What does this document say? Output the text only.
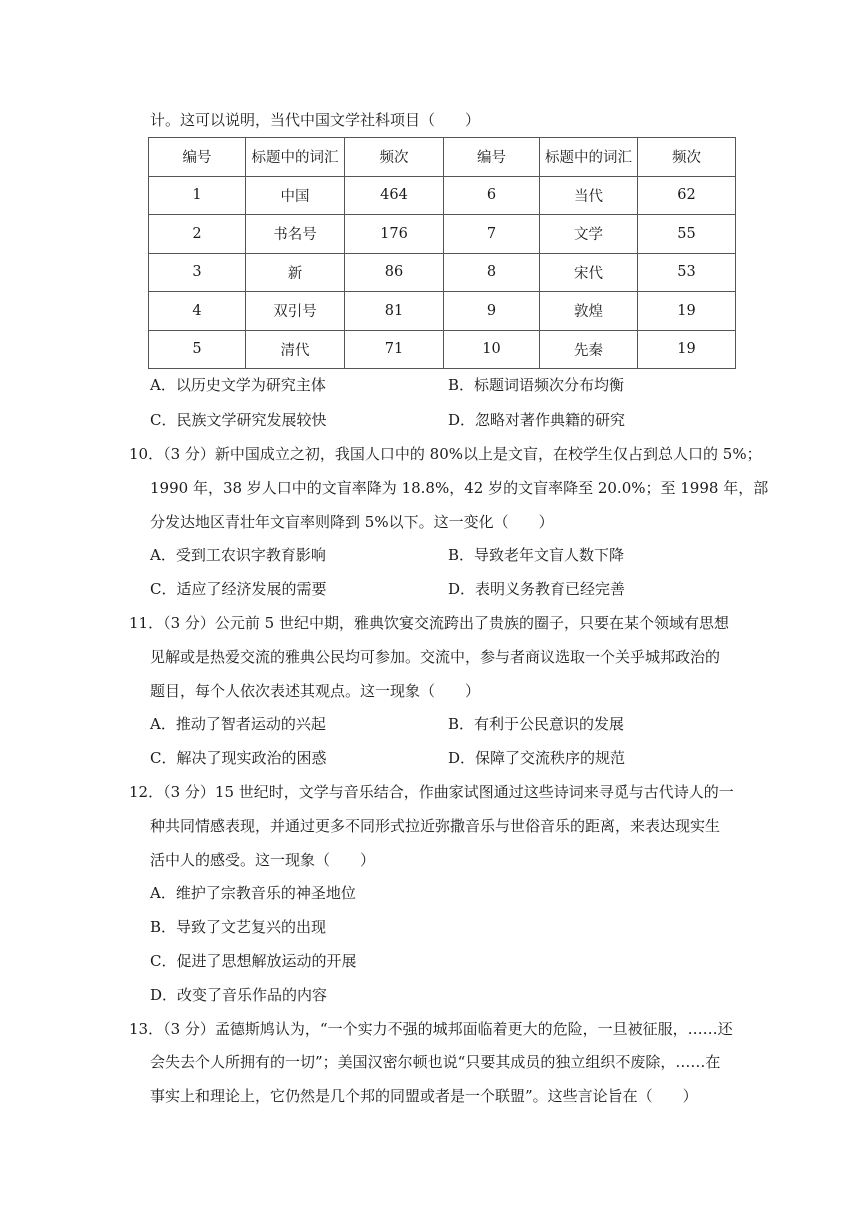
计。这可以说明，当代中国文学社科项目（　　）
编号	标题中的词汇	频次	编号	标题中的词汇	频次
1	中国	464	6	当代	62
2	书名号	176	7	文学	55
3	新	86	8	宋代	53
4	双引号	81	9	敦煌	19
5	清代	71	10	先秦	19
A．以历史文学为研究主体	B．标题词语频次分布均衡
C．民族文学研究发展较快	D．忽略对著作典籍的研究
10．（3 分）新中国成立之初，我国人口中的 80%以上是文盲，在校学生仅占到总人口的 5%；
1990 年，38 岁人口中的文盲率降为 18.8%，42 岁的文盲率降至 20.0%；至 1998 年，部
分发达地区青壮年文盲率则降到 5%以下。这一变化（　　）
A．受到工农识字教育影响	B．导致老年文盲人数下降
C．适应了经济发展的需要	D．表明义务教育已经完善
11．（3 分）公元前 5 世纪中期，雅典饮宴交流跨出了贵族的圈子，只要在某个领域有思想
见解或是热爱交流的雅典公民均可参加。交流中，参与者商议选取一个关乎城邦政治的
题目，每个人依次表述其观点。这一现象（　　）
A．推动了智者运动的兴起	B．有利于公民意识的发展
C．解决了现实政治的困惑	D．保障了交流秩序的规范
12．（3 分）15 世纪时，文学与音乐结合，作曲家试图通过这些诗词来寻觅与古代诗人的一
种共同情感表现，并通过更多不同形式拉近弥撒音乐与世俗音乐的距离，来表达现实生
活中人的感受。这一现象（　　）
A．维护了宗教音乐的神圣地位
B．导致了文艺复兴的出现
C．促进了思想解放运动的开展
D．改变了音乐作品的内容
13．（3 分）孟德斯鸠认为，“一个实力不强的城邦面临着更大的危险，一旦被征服，……还
会失去个人所拥有的一切”；美国汉密尔顿也说“只要其成员的独立组织不废除，……在
事实上和理论上，它仍然是几个邦的同盟或者是一个联盟”。这些言论旨在（　　）
